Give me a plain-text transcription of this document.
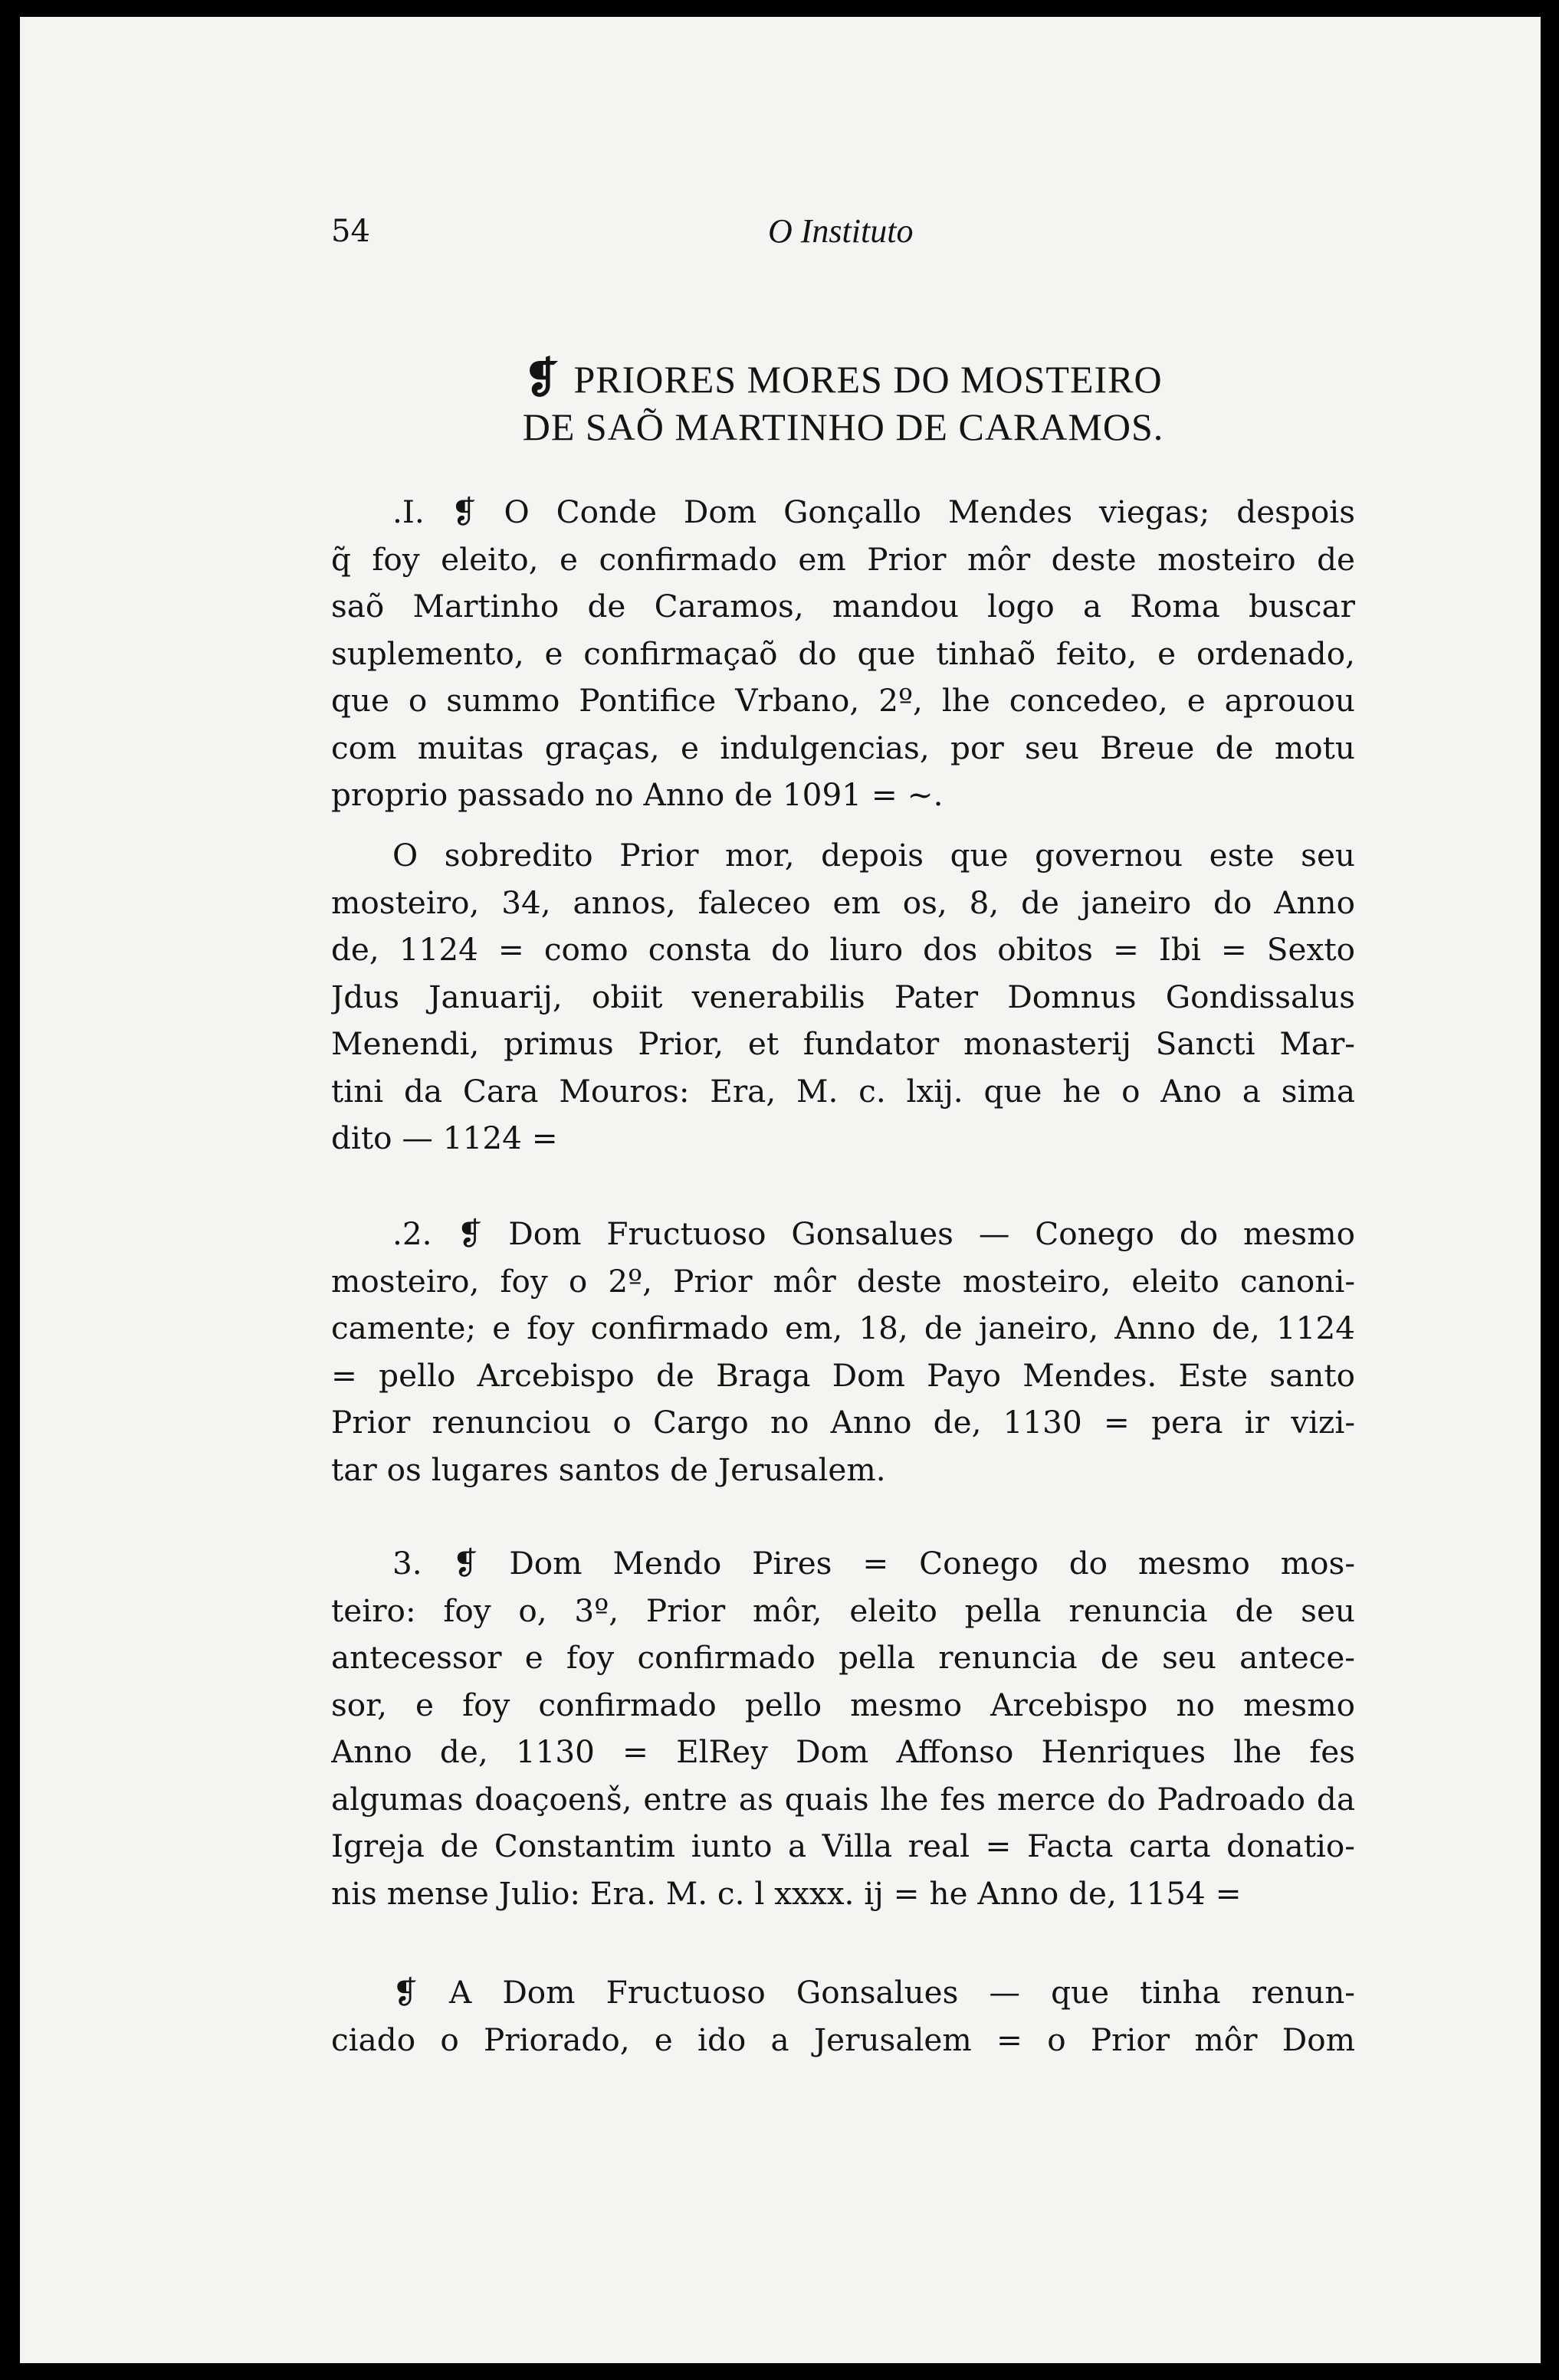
54	O Instituto
❡ PRIORES MORES DO MOSTEIRO
DE SAÕ MARTINHO DE CARAMOS.
.I. ❡ O Conde Dom Gonçallo Mendes viegas; despois
q̃ foy eleito, e confirmado em Prior môr deste mosteiro de
saõ Martinho de Caramos, mandou logo a Roma buscar
suplemento, e confirmaçaõ do que tinhaõ feito, e ordenado,
que o summo Pontifice Vrbano, 2º, lhe concedeo, e aprouou
com muitas graças, e indulgencias, por seu Breue de motu
proprio passado no Anno de 1091 = ~.
O sobredito Prior mor, depois que governou este seu
mosteiro, 34, annos, faleceo em os, 8, de janeiro do Anno
de, 1124 = como consta do liuro dos obitos = Ibi = Sexto
Jdus Januarij, obiit venerabilis Pater Domnus Gondissalus
Menendi, primus Prior, et fundator monasterij Sancti Mar-
tini da Cara Mouros: Era, M. c. lxij. que he o Ano a sima
dito — 1124 =
.2. ❡ Dom Fructuoso Gonsalues — Conego do mesmo
mosteiro, foy o 2º, Prior môr deste mosteiro, eleito canoni-
camente; e foy confirmado em, 18, de janeiro, Anno de, 1124
= pello Arcebispo de Braga Dom Payo Mendes. Este santo
Prior renunciou o Cargo no Anno de, 1130 = pera ir vizi-
tar os lugares santos de Jerusalem.
3. ❡ Dom Mendo Pires = Conego do mesmo mos-
teiro: foy o, 3º, Prior môr, eleito pella renuncia de seu
antecessor e foy confirmado pella renuncia de seu antece-
sor, e foy confirmado pello mesmo Arcebispo no mesmo
Anno de, 1130 = ElRey Dom Affonso Henriques lhe fes
algumas doaçoenš, entre as quais lhe fes merce do Padroado da
Igreja de Constantim iunto a Villa real = Facta carta donatio-
nis mense Julio: Era. M. c. l xxxx. ij = he Anno de, 1154 =
❡ A Dom Fructuoso Gonsalues — que tinha renun-
ciado o Priorado, e ido a Jerusalem = o Prior môr Dom
